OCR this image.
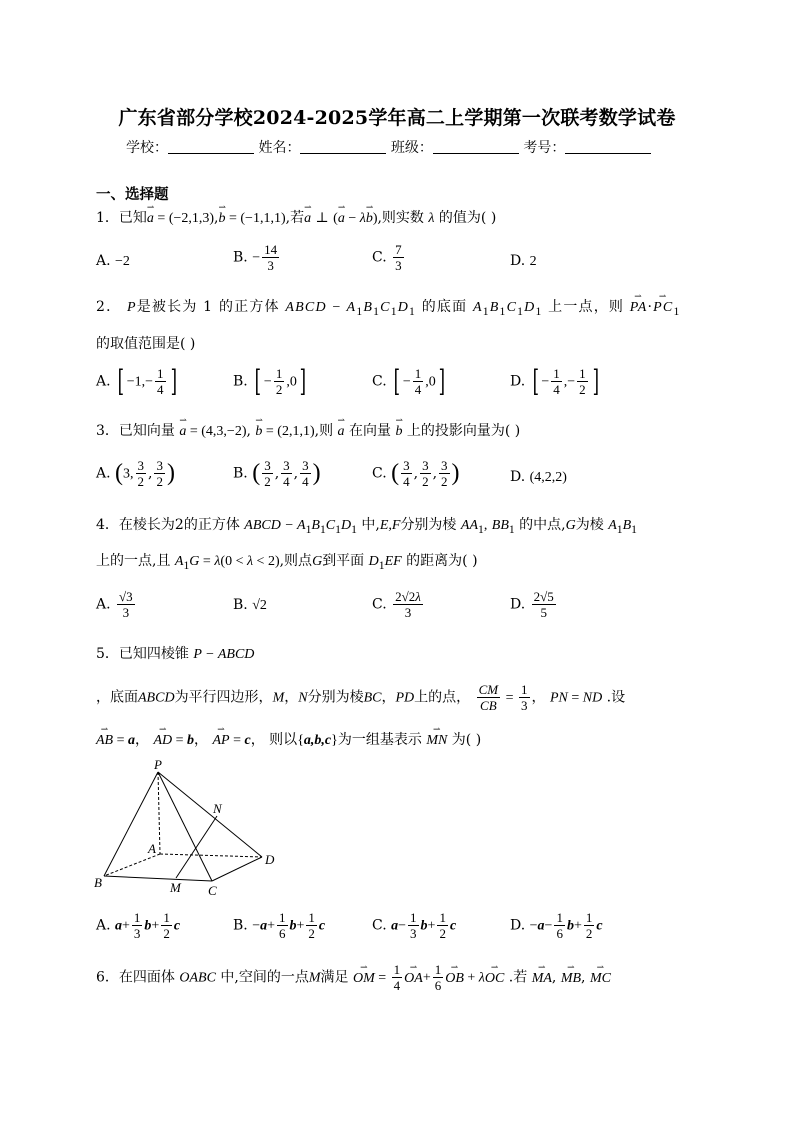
广东省部分学校2024-2025学年高二上学期第一次联考数学试卷
学校：	姓名：	班级：	考号：
一、选择题
1．已知⇀ a = (−2,1,3),⇀ b = (−1,1,1),若⇀ a ⊥ (⇀ a − λ⇀ b),则实数 λ 的值为( )
A. −2	B. − $\frac{14}{3}$	C. $\frac{7}{3}$	D. 2
2． P是被长为 1 的正方体 ABCD − $A_1B_1C_1D_1$ 的底面 $A_1B_1C_1D_1$ 上一点，则 ⇀ PA·⇀ $PC_1$
的取值范围是( )
A. [ $-1,- \frac{1}{4}$ ]	B. [ − $\frac{1}{2} ,0$]	C. [ − $\frac{1}{4} ,0$]	D. [ − $\frac{1}{4}$ ,− $\frac{1}{2}$ ]
3．已知向量 ⇀ a = (4,3,−2), ⇀ b = (2,1,1),则 ⇀ a 在向量 ⇀ b 上的投影向量为( )
A. (3, $\frac{3}{2}$ , $\frac{3}{2}$ )	B. ( $\frac{3}{2}$ , $\frac{3}{4}$ , $\frac{3}{4}$ )	C. ( $\frac{3}{4}$ , $\frac{3}{2}$ , $\frac{3}{2}$ )	D. (4,2,2)
4．在棱长为2的正方体 ABCD − $A_1B_1C_1D_1$ 中,E,F分别为棱 $AA_1$, $BB_1$ 的中点,G为棱 $A_1B_1$
上的一点,且 $A_1G = \lambda(0 < \lambda < 2)$,则点G到平面 $D_1EF$ 的距离为( )
A. $\frac{√3}{3}$	B. √2	C. $\frac{2√2\lambda}{3}$	D. $\frac{2√5}{5}$
5．已知四棱锥 P − ABCD
，底面ABCD为平行四边形，M，N分别为棱BC，PD上的点， $\frac{CM}{CB} = \frac{1}{3}$ ， PN = ND .设
⇀ AB = a， ⇀ AD = b， ⇀ AP = c， 则以{a,b,c}为一组基表示 ⇀ MN 为( )
P
N
A
D
B	M C
A. $a+ \frac{1}{3} b+ \frac{1}{2}$ c	B. $-a+ \frac{1}{6} b+ \frac{1}{2}$ c	C. $a- \frac{1}{3} b+ \frac{1}{2}$ c	D. $-a- \frac{1}{6} b+ \frac{1}{2}$ c
6．在四面体 OABC 中,空间的一点M满足 ⇀ OM = $\frac{1}{4}$ ⇀ $OA+ \frac{1}{6}$ ⇀ OB + λ⇀ OC .若 ⇀ MA, ⇀ MB, ⇀ MC
